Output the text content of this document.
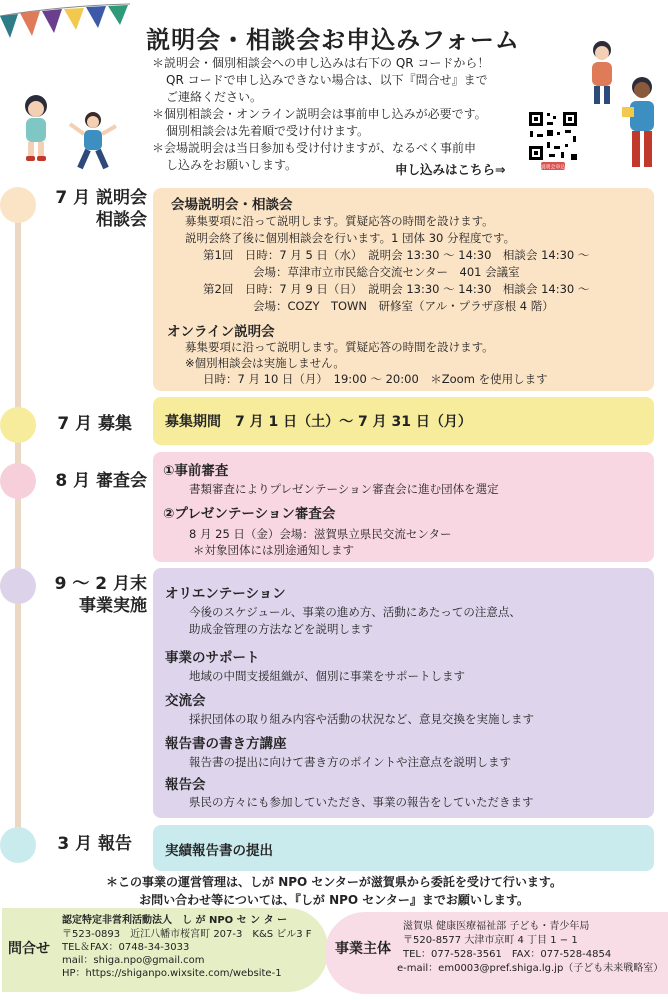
説明会・相談会お申込みフォーム

＊説明会・個別相談会への申し込みは右下の QR コードから！

QR コードで申し込みできない場合は、以下『問合せ』まで

ご連絡ください。

＊個別相談会・オンライン説明会は事前申し込みが必要です。

個別相談会は先着順で受け付けます。

＊会場説明会は当日参加も受け付けますが、なるべく事前申

し込みをお願いします。	申し込みはこちら⇒	説明会申込
7 月 説明会
相談会
会場説明会・相談会
募集要項に沿って説明します。質疑応答の時間を設けます。
説明会終了後に個別相談会を行います。1 団体 30 分程度です。
第1回　日時：7 月 5 日（水）　説明会 13:30 ～ 14:30　相談会 14:30 ～
会場：草津市立市民総合交流センター　401 会議室
第2回　日時：7 月 9 日（日）　説明会 13:30 ～ 14:30　相談会 14:30 ～
会場：COZY　TOWN　研修室（アル・プラザ彦根 4 階）
オンライン説明会
募集要項に沿って説明します。質疑応答の時間を設けます。
※個別相談会は実施しません。
日時：7 月 10 日（月）　19:00 ～ 20:00　＊Zoom を使用します
7 月 募集 募集期間　7 月 1 日（土）～ 7 月 31 日（月）
8 月 審査会 ①事前審査
書類審査によりプレゼンテーション審査会に進む団体を選定
②プレゼンテーション審査会
8 月 25 日（金）会場：滋賀県立県民交流センター
＊対象団体には別途通知します
9 ～ 2 月末
事業実施
オリエンテーション
今後のスケジュール、事業の進め方、活動にあたっての注意点、
助成金管理の方法などを説明します
事業のサポート
地域の中間支援組織が、個別に事業をサポートします
交流会
採択団体の取り組み内容や活動の状況など、意見交換を実施します
報告書の書き方講座
報告書の提出に向けて書き方のポイントや注意点を説明します
報告会
県民の方々にも参加していただき、事業の報告をしていただきます
3 月 報告 実績報告書の提出
＊この事業の運営管理は、しが NPO センターが滋賀県から委託を受けて行います。
お問い合わせ等については、『しが NPO センター』までお願いします。
問合せ
認定特定非営利活動法人　し が NPO セ ン タ ー
〒523-0893　近江八幡市桜宮町 207-3　K&S ビル3 F
TEL＆FAX：0748-34-3033
mail：shiga.npo@gmail.com
HP：https://shiganpo.wixsite.com/website-1
事業主体
滋賀県 健康医療福祉部 子ども・青少年局
〒520-8577 大津市京町 4 丁目 1 − 1
TEL：077-528-3561　FAX：077-528-4854
e-mail：em0003@pref.shiga.lg.jp（子ども未来戦略室）
